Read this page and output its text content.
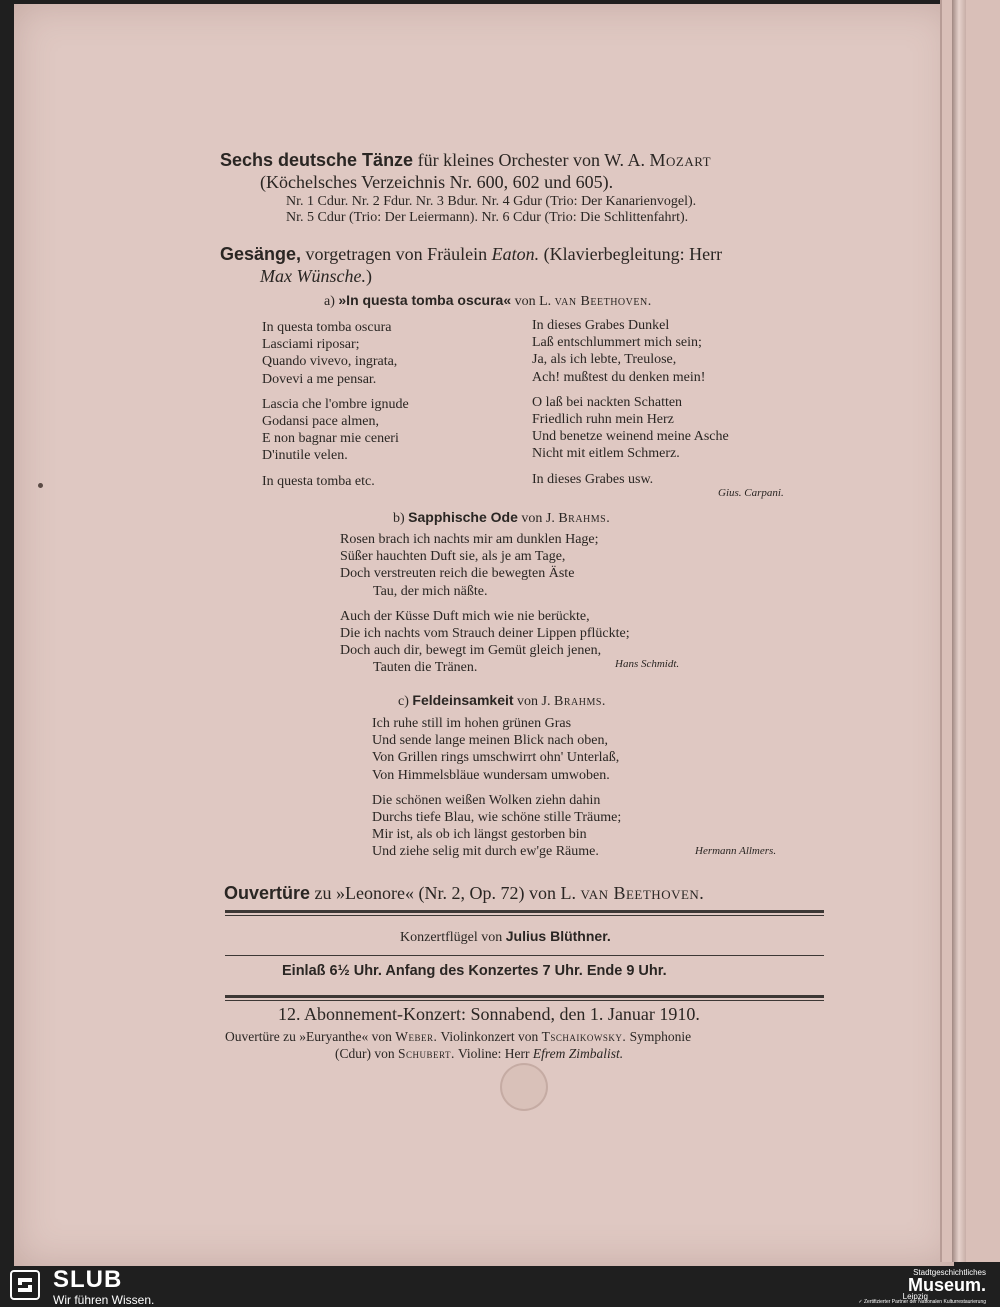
Sechs deutsche Tänze für kleines Orchester von W. A. Mozart
(Köchelsches Verzeichnis Nr. 600, 602 und 605).
Nr. 1 Cdur. Nr. 2 Fdur. Nr. 3 Bdur. Nr. 4 Gdur (Trio: Der Kanarienvogel).
Nr. 5 Cdur (Trio: Der Leiermann). Nr. 6 Cdur (Trio: Die Schlittenfahrt).
Gesänge, vorgetragen von Fräulein Eaton. (Klavierbegleitung: Herr
Max Wünsche.)
a) »In questa tomba oscura« von L. van Beethoven.
In questa tomba oscura
Lasciami riposar;
Quando vivevo, ingrata,
Dovevi a me pensar.
Lascia che l'ombre ignude
Godansi pace almen,
E non bagnar mie ceneri
D'inutile velen.
In questa tomba etc.
In dieses Grabes Dunkel
Laß entschlummert mich sein;
Ja, als ich lebte, Treulose,
Ach! mußtest du denken mein!
O laß bei nackten Schatten
Friedlich ruhn mein Herz
Und benetze weinend meine Asche
Nicht mit eitlem Schmerz.
In dieses Grabes usw.
Gius. Carpani.
b) Sapphische Ode von J. Brahms.
Rosen brach ich nachts mir am dunklen Hage;
Süßer hauchten Duft sie, als je am Tage,
Doch verstreuten reich die bewegten Äste
Tau, der mich näßte.
Auch der Küsse Duft mich wie nie berückte,
Die ich nachts vom Strauch deiner Lippen pflückte;
Doch auch dir, bewegt im Gemüt gleich jenen,
Tauten die Tränen.	Hans Schmidt.
c) Feldeinsamkeit von J. Brahms.
Ich ruhe still im hohen grünen Gras
Und sende lange meinen Blick nach oben,
Von Grillen rings umschwirrt ohn' Unterlaß,
Von Himmelsbläue wundersam umwoben.
Die schönen weißen Wolken ziehn dahin
Durchs tiefe Blau, wie schöne stille Träume;
Mir ist, als ob ich längst gestorben bin
Und ziehe selig mit durch ew'ge Räume.	Hermann Allmers.
Ouvertüre zu »Leonore« (Nr. 2, Op. 72) von L. van Beethoven.
Konzertflügel von Julius Blüthner.
Einlaß 6½ Uhr. Anfang des Konzertes 7 Uhr. Ende 9 Uhr.
12. Abonnement-Konzert: Sonnabend, den 1. Januar 1910.
Ouvertüre zu »Euryanthe« von Weber. Violinkonzert von Tschaikowsky. Symphonie
(Cdur) von Schubert. Violine: Herr Efrem Zimbalist.
SLUB
Wir führen Wissen.
Stadtgeschichtliches
Museum.
Leipzig
✓ Zertifizierter Partner der Nationalen Kulturrestaurierung
